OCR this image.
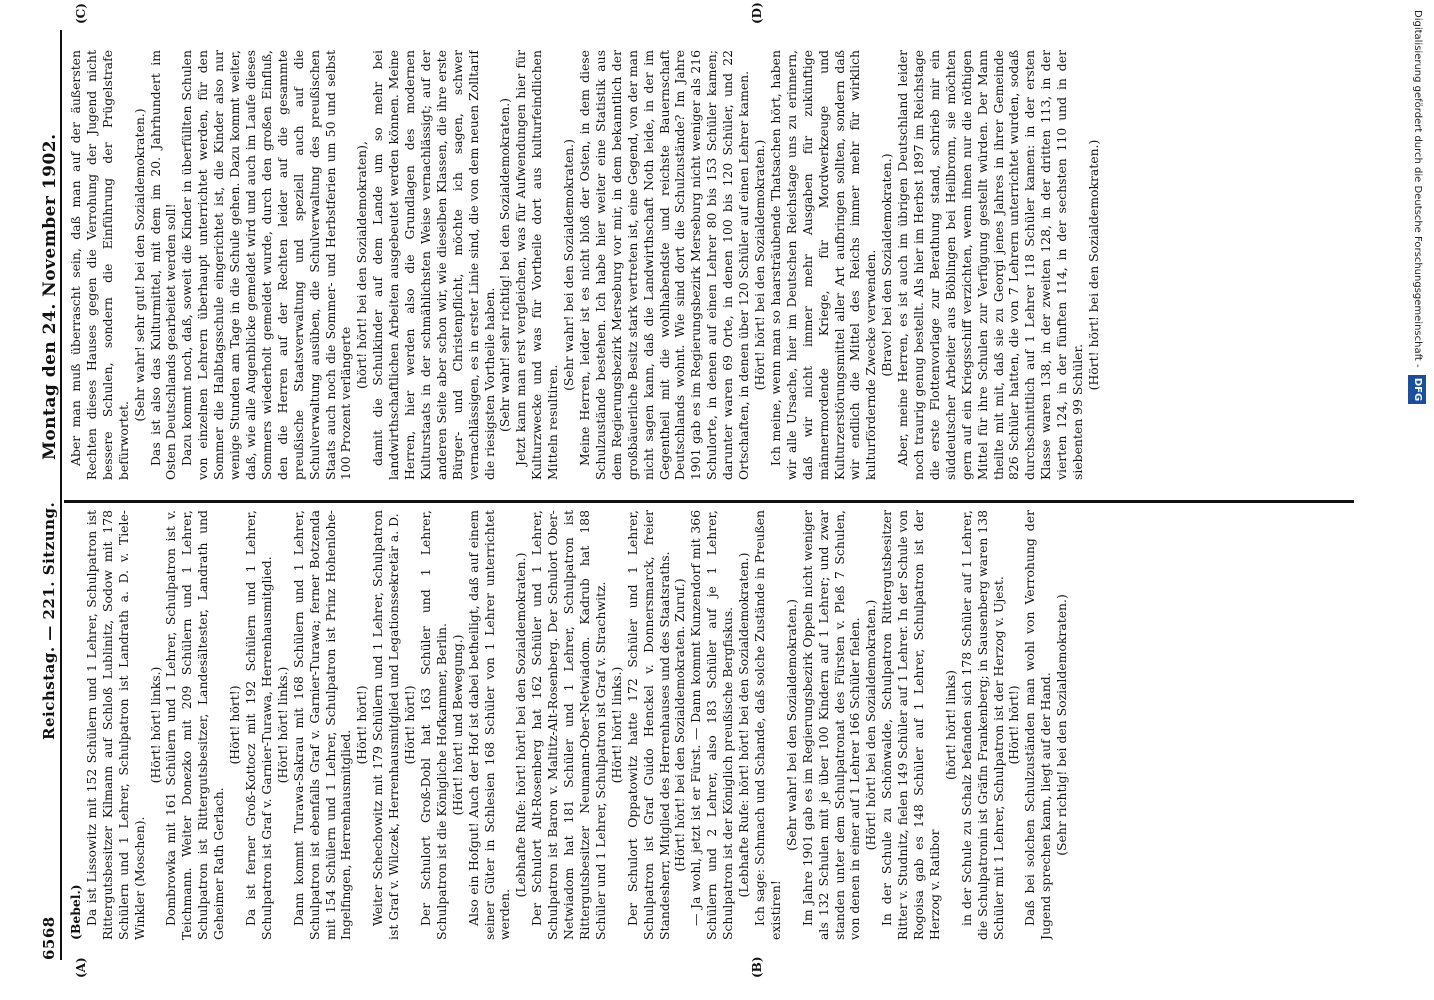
6568
Reichstag. — 221. Sitzung.
Montag den 24. November 1902.
(A)	(B)
(C)	(D)

(Bebel.) Da ist Lissowitz mit 152 Schülern und 1 Lehrer, Schulpatron ist Rittergutsbesitzer Kilmann auf Schloß Lublinitz, Sodow mit 178 Schülern und 1 Lehrer, Schulpatron ist Landrath a. D. v. Tiele-Winkler (Moschen).

(Hört! hört! links.) Dombrowka mit 161 Schülern und 1 Lehrer, Schulpatron ist v. Teichmann. Weiter Donezko mit 209 Schülern und 1 Lehrer, Schulpatron ist Rittergutsbesitzer, Landesältester, Landrath und Geheimer Rath Gerlach.

(Hört! hört!) Da ist ferner Groß-Kottocz mit 192 Schülern und 1 Lehrer, Schulpatron ist Graf v. Garnier-Turawa, Herrenhausmitglied. (Hört! hört! links.) Dann kommt Turawa-Sakrau mit 168 Schülern und 1 Lehrer, Schulpatron ist ebenfalls Graf v. Garnier-Turawa; ferner Botzenda mit 154 Schülern und 1 Lehrer, Schulpatron ist Prinz Hohenlohe-Ingelfingen, Herrenhausmitglied.

(Hört! hört!) Weiter Schechowitz mit 179 Schülern und 1 Lehrer, Schulpatron ist Graf v. Wilczek, Herrenhausmitglied und Legationssekretär a. D. (Hört! hört!) Der Schulort Groß-Dobl hat 163 Schüler und 1 Lehrer, Schulpatron ist die Königliche Hofkammer, Berlin. (Hört! hört! und Bewegung.) Also ein Hofgut! Auch der Hof ist dabei betheiligt, daß auf einem seiner Güter in Schlesien 168 Schüler von 1 Lehrer unterrichtet werden.

(Lebhafte Rufe: hört! hört! bei den Sozialdemokraten.) Der Schulort Alt-Rosenberg hat 162 Schüler und 1 Lehrer, Schulpatron ist Baron v. Maltitz-Alt-Rosenberg. Der Schulort Ober-Netwiadom hat 181 Schüler und 1 Lehrer, Schulpatron ist Rittergutsbesitzer Neumann-Ober-Netwiadom. Kadrub hat 188 Schüler und 1 Lehrer, Schulpatron ist Graf v. Strachwitz. (Hört! hört! links.) Der Schulort Oppatowitz hatte 172 Schüler und 1 Lehrer, Schulpatron ist Graf Guido Henckel v. Donnersmarck, freier Standesherr, Mitglied des Herrenhauses und des Staatsraths. (Hört! hört! bei den Sozialdemokraten. Zuruf.) — Ja wohl, jetzt ist er Fürst. — Dann kommt Kunzendorf mit 366 Schülern und 2 Lehrer, also 183 Schüler auf je 1 Lehrer, Schulpatron ist der Königlich preußische Bergfiskus. (Lebhafte Rufe: hört! hört! bei den Sozialdemokraten.) Ich sage: Schmach und Schande, daß solche Zustände in Preußen existiren!

(Sehr wahr! bei den Sozialdemokraten.) Im Jahre 1901 gab es im Regierungsbezirk Oppeln nicht weniger als 132 Schulen mit je über 100 Kindern auf 1 Lehrer; und zwar standen unter dem Schulpatronat des Fürsten v. Pleß 7 Schulen, von denen in einer auf 1 Lehrer 166 Schüler fielen. (Hört! hört! bei den Sozialdemokraten.) In der Schule zu Schönwalde, Schulpatron Rittergutsbesitzer Ritter v. Studnitz, fielen 149 Schüler auf 1 Lehrer. In der Schule von Rogoisa gab es 148 Schüler auf 1 Lehrer, Schulpatron ist der Herzog v. Ratibor

(hört! hört! links) in der Schule zu Schalz befanden sich 178 Schüler auf 1 Lehrer, die Schulpatronin ist Gräfin Frankenberg; in Sausenberg waren 138 Schüler mit 1 Lehrer, Schulpatron ist der Herzog v. Ujest. (Hört! hört!) Daß bei solchen Schulzuständen man wohl von Verrohung der Jugend sprechen kann, liegt auf der Hand. (Sehr richtig! bei den Sozialdemokraten.)

Aber man muß überrascht sein, daß man auf der äußersten Rechten dieses Hauses gegen die Verrohung der Jugend nicht bessere Schulen, sondern die Einführung der Prügelstrafe befürwortet.

(Sehr wahr! sehr gut! bei den Sozialdemokraten.) Das ist also das Kulturmittel, mit dem im 20. Jahrhundert im Osten Deutschlands gearbeitet werden soll! Dazu kommt noch, daß, soweit die Kinder in überfüllten Schulen von einzelnen Lehrern überhaupt unterrichtet werden, für den Sommer die Halbtagsschule eingerichtet ist, die Kinder also nur wenige Stunden am Tage in die Schule gehen. Dazu kommt weiter, daß, wie alle Augenblicke gemeldet wird und auch im Laufe dieses Sommers wiederholt gemeldet wurde, durch den großen Einfluß, den die Herren auf der Rechten leider auf die gesammte preußische Staatsverwaltung und speziell auch auf die Schulverwaltung ausüben, die Schulverwaltung des preußischen Staats auch noch die Sommer- und Herbstferien um 50 und selbst 100 Prozent verlängerte

(hört! hört! bei den Sozialdemokraten), damit die Schulkinder auf dem Lande um so mehr bei landwirthschaftlichen Arbeiten ausgebeutet werden können. Meine Herren, hier werden also die Grundlagen des modernen Kulturstaats in der schmählichsten Weise vernachlässigt; auf der anderen Seite aber schon wir, wie dieselben Klassen, die ihre erste Bürger- und Christenpflicht, möchte ich sagen, schwer vernachlässigen, es in erster Linie sind, die von dem neuen Zolltarif die riesigsten Vortheile haben. (Sehr wahr! sehr richtig! bei den Sozialdemokraten.) Jetzt kann man erst vergleichen, was für Aufwendungen hier für Kulturzwecke und was für Vortheile dort aus kulturfeindlichen Mitteln resultiren.

(Sehr wahr! bei den Sozialdemokraten.) Meine Herren, leider ist es nicht bloß der Osten, in dem diese Schulzustände bestehen. Ich habe hier weiter eine Statistik aus dem Regierungsbezirk Merseburg vor mir, in dem bekanntlich der großbäuerliche Besitz stark vertreten ist, eine Gegend, von der man nicht sagen kann, daß die Landwirthschaft Noth leide, in der im Gegentheil mit die wohlhabendste und reichste Bauernschaft Deutschlands wohnt. Wie sind dort die Schulzustände? Im Jahre 1901 gab es im Regierungsbezirk Merseburg nicht weniger als 216 Schulorte, in denen auf einen Lehrer 80 bis 153 Schüler kamen; darunter waren 69 Orte, in denen 100 bis 120 Schüler, und 22 Ortschaften, in denen über 120 Schüler auf einen Lehrer kamen. (Hört! hört! bei den Sozialdemokraten.) Ich meine, wenn man so haarsträubende Thatsachen hört, haben wir alle Ursache, hier im Deutschen Reichstage uns zu erinnern, daß wir nicht immer mehr Ausgaben für zukünftige männermordende Kriege, für Mordwerkzeuge und Kulturzerstörungsmittel aller Art aufbringen sollten, sondern daß wir endlich die Mittel des Reichs immer mehr für wirklich kulturfördernde Zwecke verwenden. (Bravo! bei den Sozialdemokraten.) Aber, meine Herren, es ist auch im übrigen Deutschland leider noch traurig genug bestellt. Als hier im Herbst 1897 im Reichstage die erste Flottenvorlage zur Berathung stand, schrieb mir ein süddeutscher Arbeiter aus Böblingen bei Heilbronn, sie möchten gern auf ein Kriegsschiff verzichten, wenn ihnen nur die nöthigen Mittel für ihre Schulen zur Verfügung gestellt würden. Der Mann theilte mit mit, daß sie zu Georgi jenes Jahres in ihrer Gemeinde 826 Schüler hatten, die von 7 Lehrern unterrichtet wurden, sodaß durchschnittlich auf 1 Lehrer 118 Schüler kamen: in der ersten Klasse waren 138, in der zweiten 128, in der dritten 113, in der vierten 124, in der fünften 114, in der sechsten 110 und in der siebenten 99 Schüler.

(Hört! hört! bei den Sozialdemokraten.)	Digitalisierung gefördert durch die Deutsche Forschungsgemeinschaft - DFG
